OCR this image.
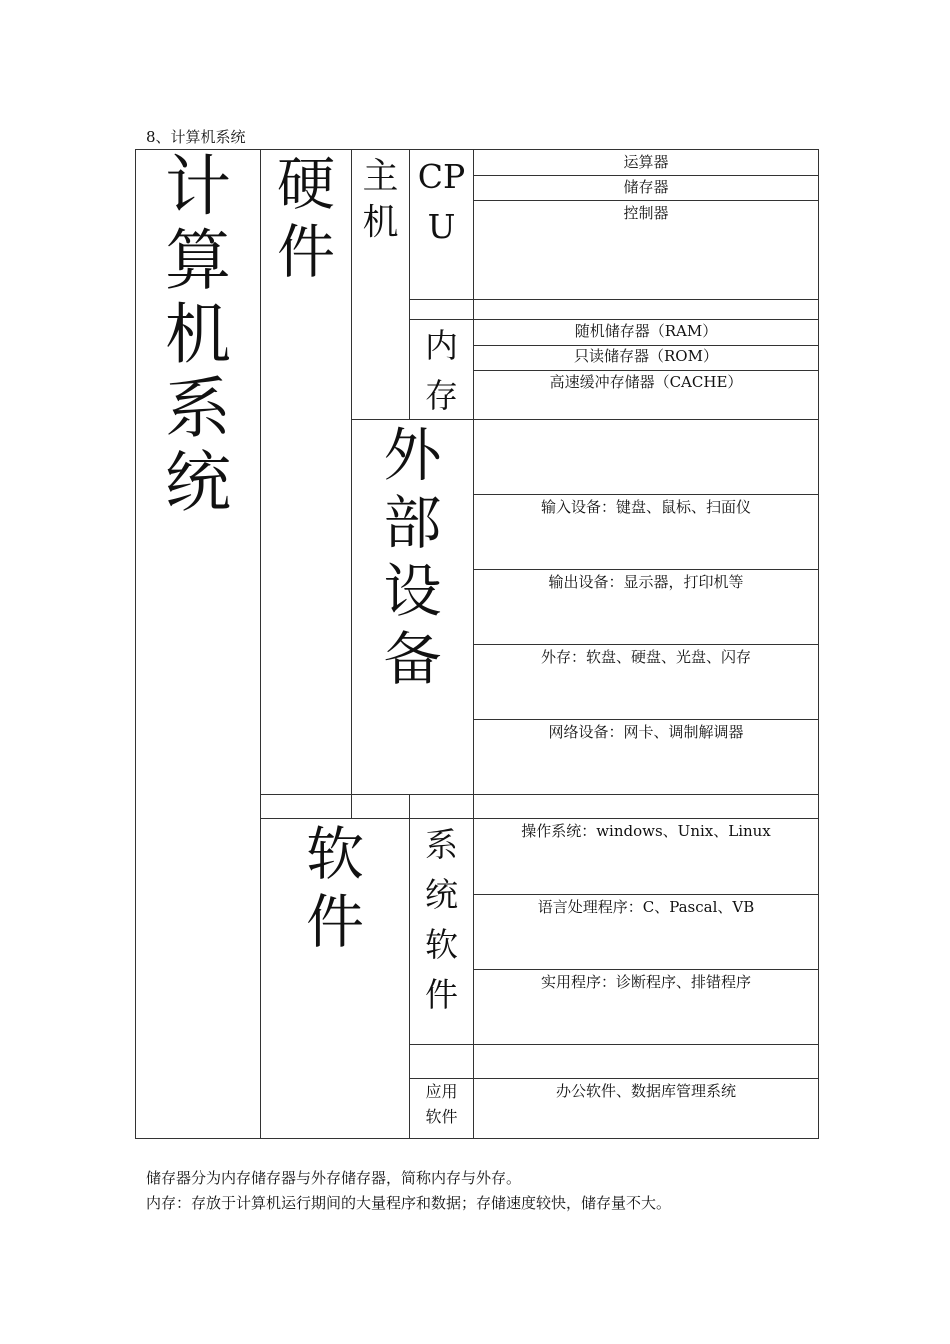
8、计算机系统
计
算
机
系
统
硬
件
主
机
CP
U
内
存
外
部
设
备
软
件
系
统
软
件
应用
软件
运算器
储存器
控制器
随机储存器（RAM）
只读储存器（ROM）
高速缓冲存储器（CACHE）
输入设备：键盘、鼠标、扫面仪
输出设备：显示器，打印机等
外存：软盘、硬盘、光盘、闪存
网络设备：网卡、调制解调器
操作系统：windows、Unix、Linux
语言处理程序：C、Pascal、VB
实用程序：诊断程序、排错程序
办公软件、数据库管理系统
储存器分为内存储存器与外存储存器，简称内存与外存。
内存：存放于计算机运行期间的大量程序和数据；存储速度较快，储存量不大。
